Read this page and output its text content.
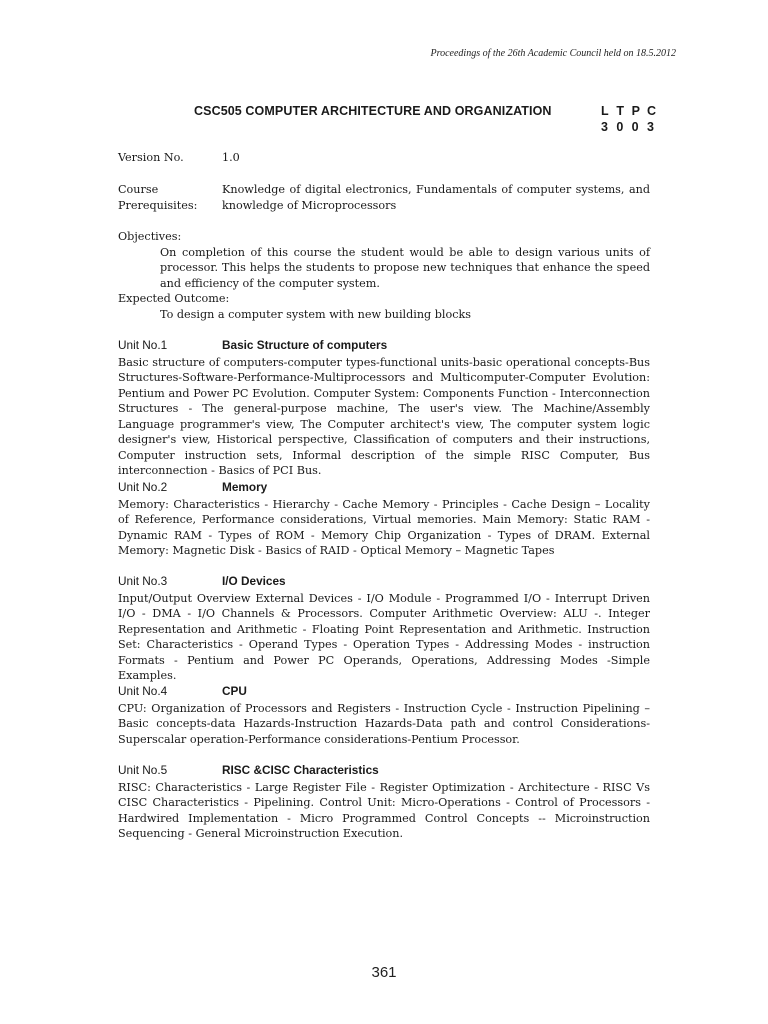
Proceedings of the 26th Academic Council held on 18.5.2012
CSC505 COMPUTER ARCHITECTURE AND ORGANIZATION	L T P C
3 0 0 3
Version No.	1.0
Course
Prerequisites:
Knowledge of digital electronics, Fundamentals of computer systems, and knowledge of Microprocessors
Objectives:
On completion of this course the student would be able to design various units of processor. This helps the students to propose new techniques that enhance the speed and efficiency of the computer system.
Expected Outcome:
To design a computer system with new building blocks
Unit No.1	Basic Structure of computers
Basic structure of computers-computer types-functional units-basic operational concepts-Bus Structures-Software-Performance-Multiprocessors and Multicomputer-Computer Evolution: Pentium and Power PC Evolution. Computer System: Components Function - Interconnection Structures - The general-purpose machine, The user's view. The Machine/Assembly Language programmer's view, The Computer architect's view, The computer system logic designer's view, Historical perspective, Classification of computers and their instructions, Computer instruction sets, Informal description of the simple RISC Computer, Bus interconnection - Basics of PCI Bus.
Unit No.2	Memory
Memory: Characteristics - Hierarchy - Cache Memory - Principles - Cache Design – Locality of Reference, Performance considerations, Virtual memories. Main Memory: Static RAM - Dynamic RAM - Types of ROM - Memory Chip Organization - Types of DRAM. External Memory: Magnetic Disk - Basics of RAID - Optical Memory – Magnetic Tapes
Unit No.3	I/O Devices
Input/Output Overview External Devices - I/O Module - Programmed I/O - Interrupt Driven I/O - DMA - I/O Channels & Processors. Computer Arithmetic Overview: ALU -. Integer Representation and Arithmetic - Floating Point Representation and Arithmetic. Instruction Set: Characteristics - Operand Types - Operation Types - Addressing Modes - instruction Formats - Pentium and Power PC Operands, Operations, Addressing Modes -Simple Examples.
Unit No.4	CPU
CPU: Organization of Processors and Registers - Instruction Cycle - Instruction Pipelining – Basic concepts-data Hazards-Instruction Hazards-Data path and control Considerations-Superscalar operation-Performance considerations-Pentium Processor.
Unit No.5	RISC &CISC Characteristics
RISC: Characteristics - Large Register File - Register Optimization - Architecture - RISC Vs CISC Characteristics - Pipelining. Control Unit: Micro-Operations - Control of Processors - Hardwired Implementation - Micro Programmed Control Concepts -- Microinstruction Sequencing - General Microinstruction Execution.
361
